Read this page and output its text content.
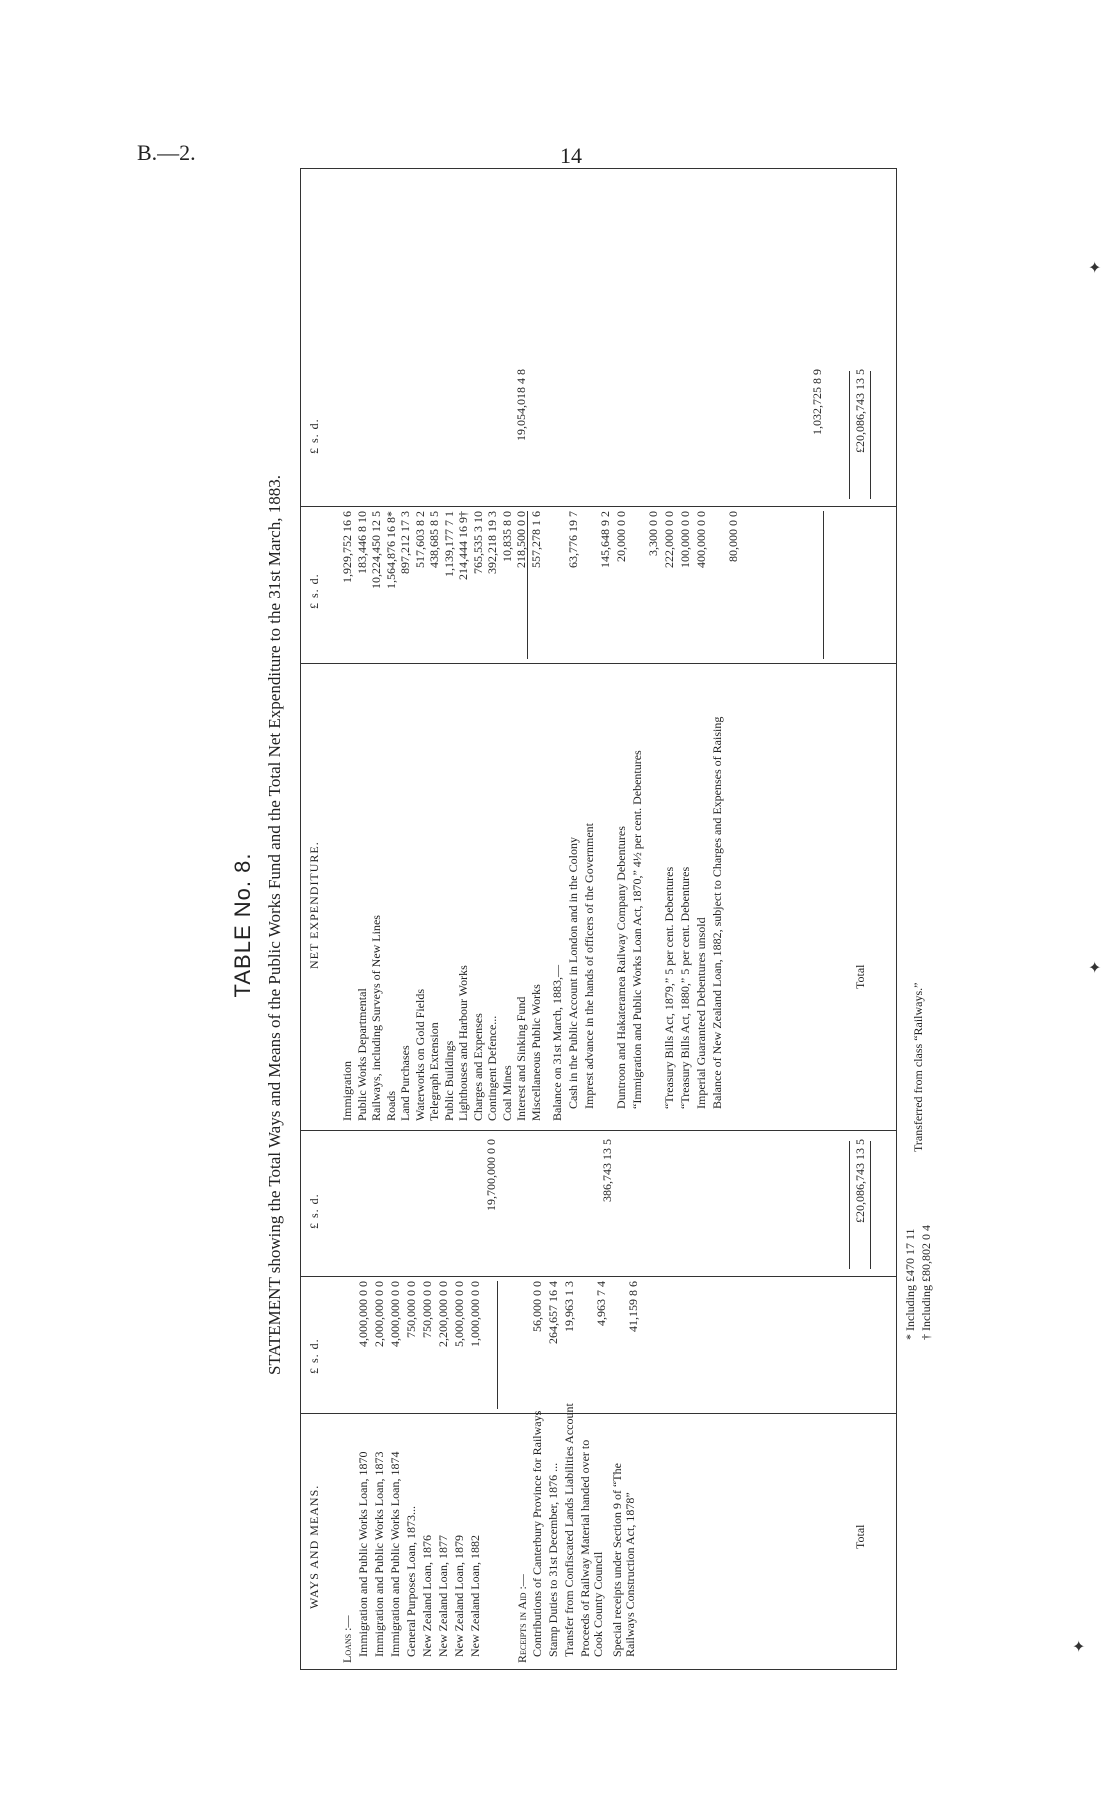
B.—2.	14
TABLE No. 8. STATEMENT showing the Total Ways and Means of the Public Works Fund and the Total Net Expenditure to the 31st March, 1883.
WAYS AND MEANS.
£ s. d.
£ s. d.
NET EXPENDITURE.
£ s. d.
£ s. d.
Loans :— Immigration and Public Works Loan, 1870
4,000,000 0 0
Immigration and Public Works Loan, 1873
2,000,000 0 0
Immigration and Public Works Loan, 1874
4,000,000 0 0
General Purposes Loan, 1873...
750,000 0 0
New Zealand Loan, 1876
750,000 0 0
New Zealand Loan, 1877
2,200,000 0 0
New Zealand Loan, 1879
5,000,000 0 0
New Zealand Loan, 1882
1,000,000 0 0
19,700,000 0 0
Receipts in Aid :— Contributions of Canterbury Province for Railways
56,000 0 0
Stamp Duties to 31st December, 1876 ...
264,657 16 4
Transfer from Confiscated Lands Liabilities Account
19,963 1 3
Proceeds of Railway Material handed over to Cook County Council
4,963 7 4
Special receipts under Section 9 of “The Railways Construction Act, 1878”
41,159 8 6
386,743 13 5
Total
£20,086,743 13 5
Immigration
1,929,752 16 6
Public Works Departmental
183,446 8 10
Railways, including Surveys of New Lines
10,224,450 12 5
Roads
1,564,876 16 8*
Land Purchases
897,212 17 3
Waterworks on Gold Fields
517,603 8 2
Telegraph Extension
438,685 8 5
Public Buildings
1,139,177 7 1
Lighthouses and Harbour Works
214,444 16 9†
Charges and Expenses
765,535 3 10
Contingent Defence...
392,218 19 3
Coal Mines
10,835 8 0
Interest and Sinking Fund
218,500 0 0
Miscellaneous Public Works
557,278 1 6
19,054,018 4 8
Balance on 31st March, 1883,— Cash in the Public Account in London and in the Colony
63,776 19 7
Imprest advance in the hands of officers of the Government
145,648 9 2
Duntroon and Hakateramea Railway Company Debentures
20,000 0 0
“Immigration and Public Works Loan Act, 1870,” 4½ per cent. Debentures
3,300 0 0
“Treasury Bills Act, 1879,” 5 per cent. Debentures
222,000 0 0
“Treasury Bills Act, 1880,” 5 per cent. Debentures
100,000 0 0
Imperial Guaranteed Debentures unsold
400,000 0 0
Balance of New Zealand Loan, 1882, subject to Charges and Expenses of Raising
80,000 0 0
1,032,725 8 9
Total
£20,086,743 13 5
* Including £470 17 11 † Including £80,802 0 4
Transferred from class “Railways.”
✦
✦
✦
